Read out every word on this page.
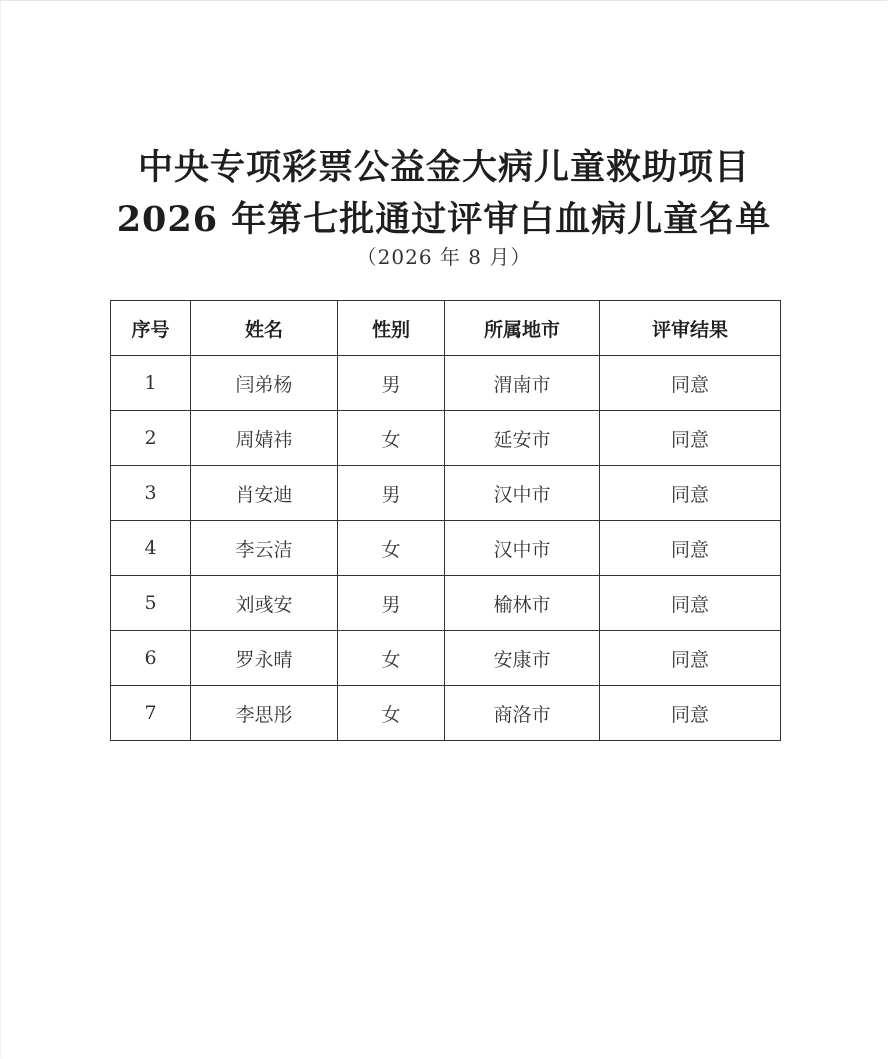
中央专项彩票公益金大病儿童救助项目
2026 年第七批通过评审白血病儿童名单
（2026 年 8 月）
序号	姓名	性别	所属地市	评审结果
1	闫弟杨	男	渭南市	同意
2	周婧祎	女	延安市	同意
3	肖安迪	男	汉中市	同意
4	李云洁	女	汉中市	同意
5	刘彧安	男	榆林市	同意
6	罗永晴	女	安康市	同意
7	李思彤	女	商洛市	同意
